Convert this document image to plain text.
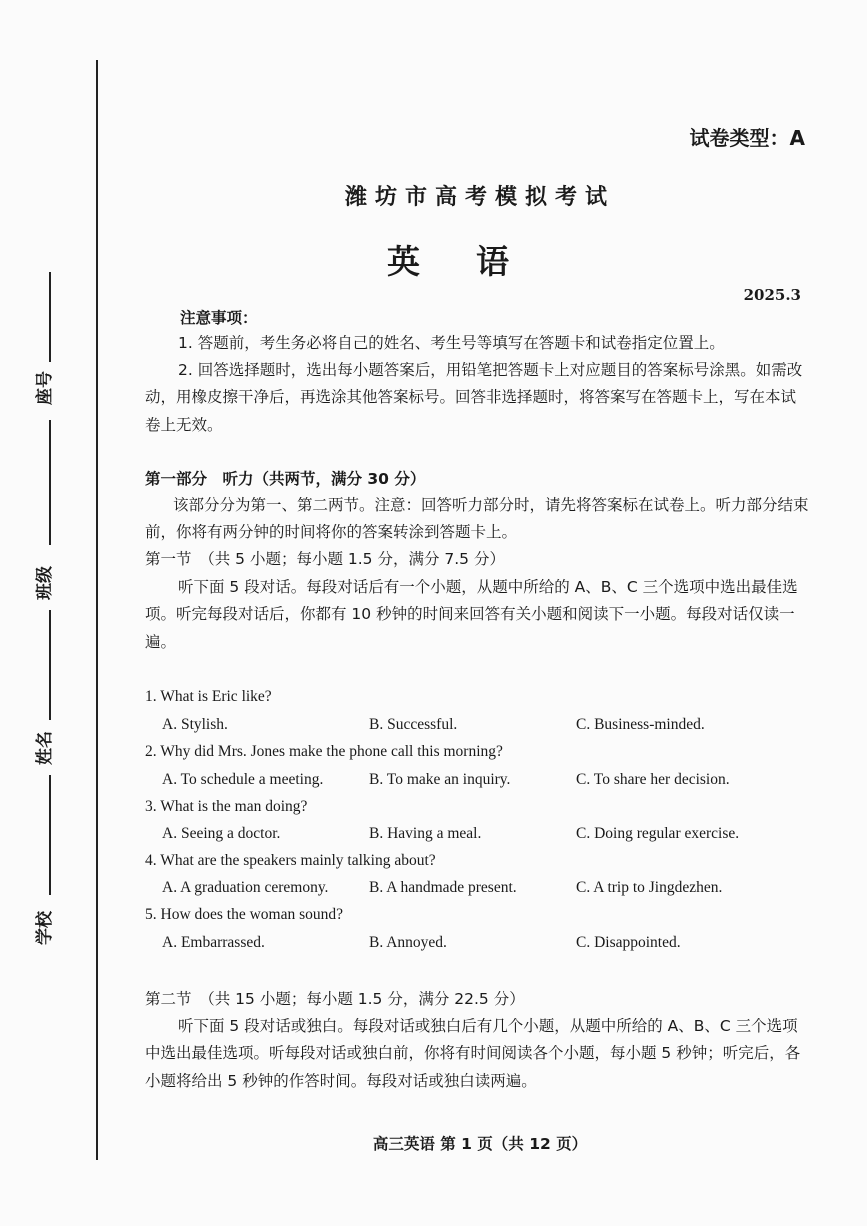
座号
班级
姓名
学校
试卷类型：A
潍坊市高考模拟考试
英语
2025.3
注意事项：
1. 答题前，考生务必将自己的姓名、考生号等填写在答题卡和试卷指定位置上。
2. 回答选择题时，选出每小题答案后，用铅笔把答题卡上对应题目的答案标号涂黑。如需改动，用橡皮擦干净后，再选涂其他答案标号。回答非选择题时，将答案写在答题卡上，写在本试卷上无效。
第一部分　听力（共两节，满分 30 分）
该部分分为第一、第二两节。注意：回答听力部分时，请先将答案标在试卷上。听力部分结束前，你将有两分钟的时间将你的答案转涂到答题卡上。
第一节　（共 5 小题；每小题 1.5 分，满分 7.5 分）
听下面 5 段对话。每段对话后有一个小题，从题中所给的 A、B、C 三个选项中选出最佳选项。听完每段对话后，你都有 10 秒钟的时间来回答有关小题和阅读下一小题。每段对话仅读一遍。
1. What is Eric like?
A. Stylish.	B. Successful.	C. Business-minded.
2. Why did Mrs. Jones make the phone call this morning?
A. To schedule a meeting.	B. To make an inquiry.	C. To share her decision.
3. What is the man doing?
A. Seeing a doctor.	B. Having a meal.	C. Doing regular exercise.
4. What are the speakers mainly talking about?
A. A graduation ceremony.	B. A handmade present.	C. A trip to Jingdezhen.
5. How does the woman sound?
A. Embarrassed.	B. Annoyed.	C. Disappointed.
第二节　（共 15 小题；每小题 1.5 分，满分 22.5 分）
听下面 5 段对话或独白。每段对话或独白后有几个小题，从题中所给的 A、B、C 三个选项中选出最佳选项。听每段对话或独白前，你将有时间阅读各个小题，每小题 5 秒钟；听完后，各小题将给出 5 秒钟的作答时间。每段对话或独白读两遍。
高三英语 第 1 页（共 12 页）
